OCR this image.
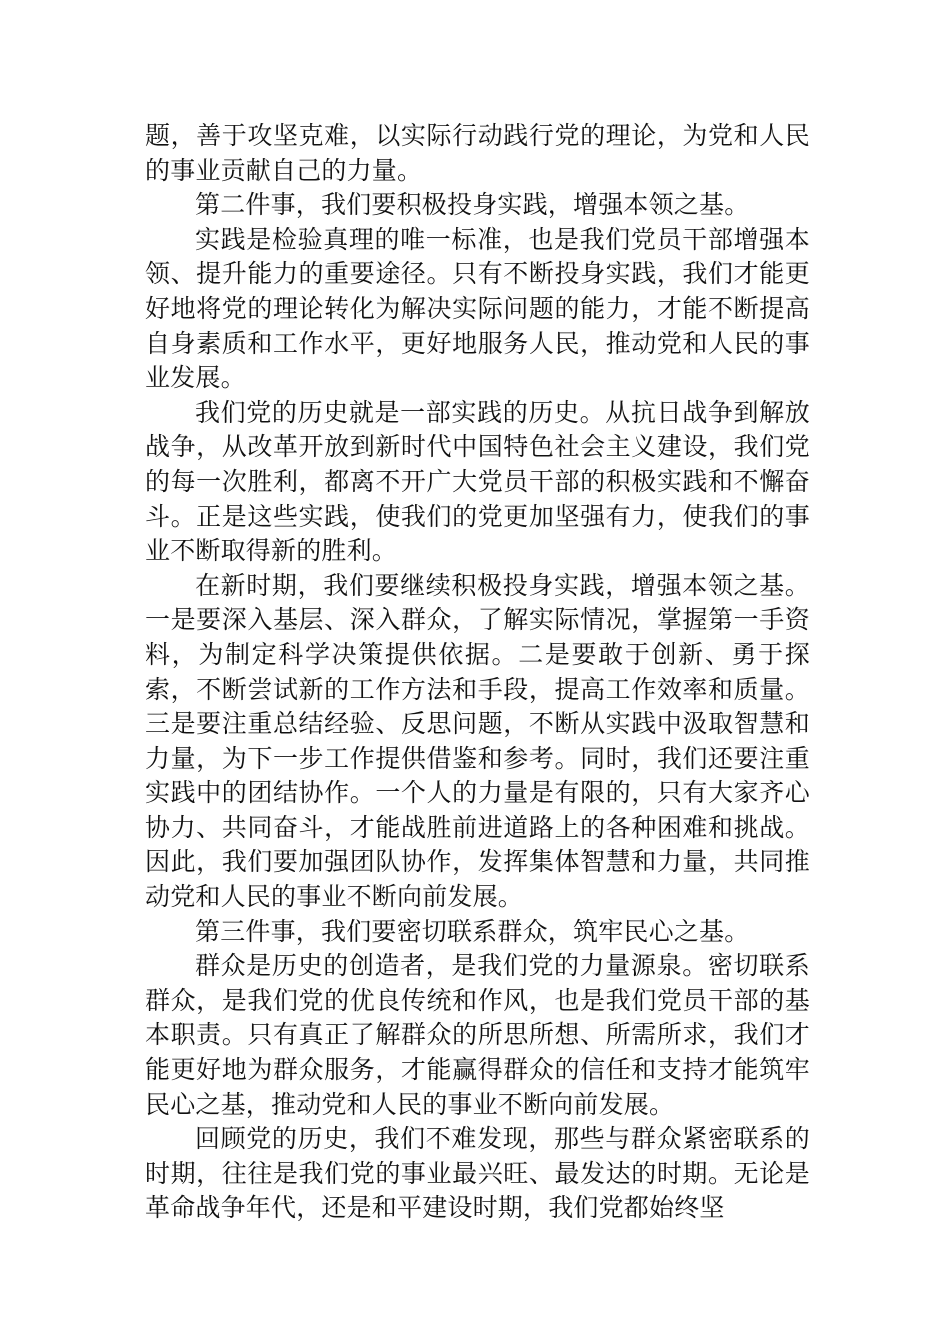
题，善于攻坚克难，以实际行动践行党的理论，为党和人民的事业贡献自己的力量。

第二件事，我们要积极投身实践，增强本领之基。

实践是检验真理的唯一标准，也是我们党员干部增强本领、提升能力的重要途径。只有不断投身实践，我们才能更好地将党的理论转化为解决实际问题的能力，才能不断提高自身素质和工作水平，更好地服务人民，推动党和人民的事业发展。

我们党的历史就是一部实践的历史。从抗日战争到解放战争，从改革开放到新时代中国特色社会主义建设，我们党的每一次胜利，都离不开广大党员干部的积极实践和不懈奋斗。正是这些实践，使我们的党更加坚强有力，使我们的事业不断取得新的胜利。

在新时期，我们要继续积极投身实践，增强本领之基。一是要深入基层、深入群众，了解实际情况，掌握第一手资料，为制定科学决策提供依据。二是要敢于创新、勇于探索，不断尝试新的工作方法和手段，提高工作效率和质量。三是要注重总结经验、反思问题，不断从实践中汲取智慧和力量，为下一步工作提供借鉴和参考。同时，我们还要注重实践中的团结协作。一个人的力量是有限的，只有大家齐心协力、共同奋斗，才能战胜前进道路上的各种困难和挑战。因此，我们要加强团队协作，发挥集体智慧和力量，共同推动党和人民的事业不断向前发展。

第三件事，我们要密切联系群众，筑牢民心之基。

群众是历史的创造者，是我们党的力量源泉。密切联系群众，是我们党的优良传统和作风，也是我们党员干部的基本职责。只有真正了解群众的所思所想、所需所求，我们才能更好地为群众服务，才能赢得群众的信任和支持才能筑牢民心之基，推动党和人民的事业不断向前发展。

回顾党的历史，我们不难发现，那些与群众紧密联系的时期，往往是我们党的事业最兴旺、最发达的时期。无论是革命战争年代，还是和平建设时期，我们党都始终坚
